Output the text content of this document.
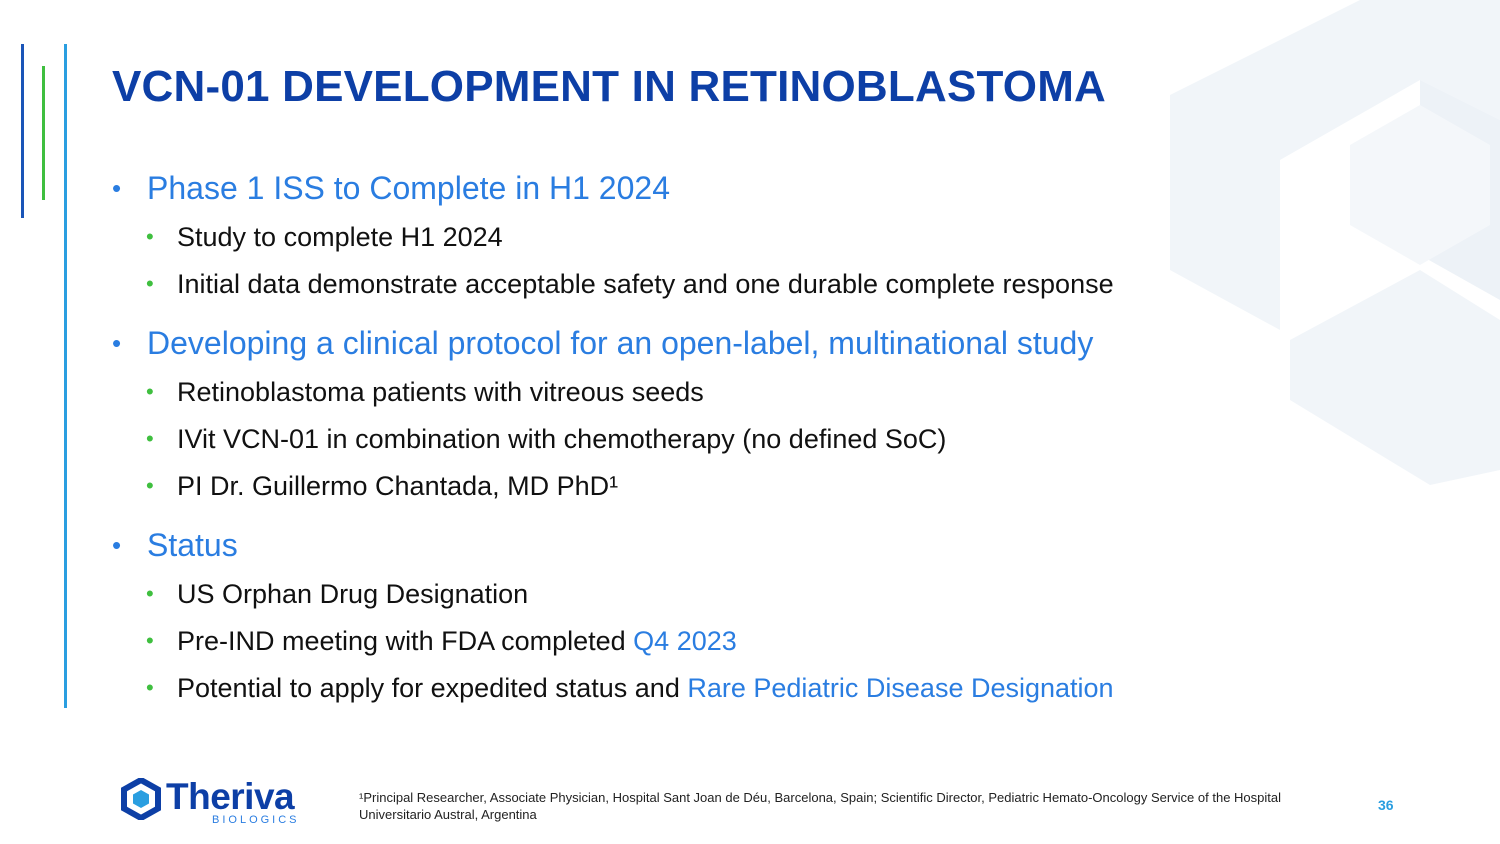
VCN-01 DEVELOPMENT IN RETINOBLASTOMA
• Phase 1 ISS to Complete in H1 2024
• Study to complete H1 2024
• Initial data demonstrate acceptable safety and one durable complete response
• Developing a clinical protocol for an open-label, multinational study
• Retinoblastoma patients with vitreous seeds
• IVit VCN-01 in combination with chemotherapy (no defined SoC)
• PI Dr. Guillermo Chantada, MD PhD¹
• Status
• US Orphan Drug Designation
• Pre-IND meeting with FDA completed Q4 2023
• Potential to apply for expedited status and Rare Pediatric Disease Designation
Theriva
BIOLOGICS
¹Principal Researcher, Associate Physician, Hospital Sant Joan de Déu, Barcelona, Spain; Scientific Director, Pediatric Hemato-Oncology Service of the Hospital Universitario Austral, Argentina
36
